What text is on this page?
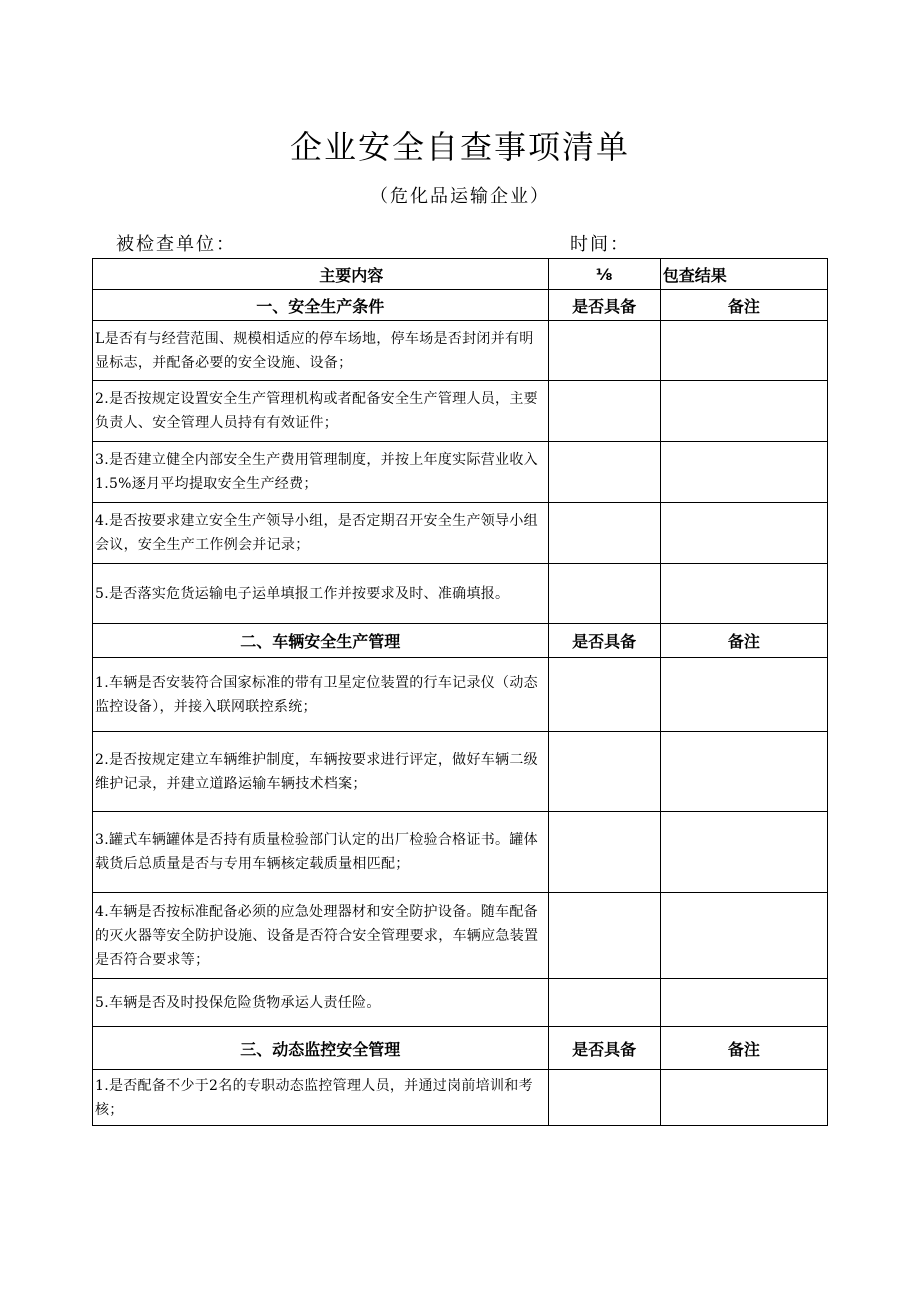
企业安全自查事项清单
（危化品运输企业）
被检查单位：	时间：
主要内容	⅛	包查结果
一、安全生产条件	是否具备	备注
L是否有与经营范围、规模相适应的停车场地，停车场是否封闭并有明显标志，并配备必要的安全设施、设备；		
2.是否按规定设置安全生产管理机构或者配备安全生产管理人员，主要负责人、安全管理人员持有有效证件；		
3.是否建立健全内部安全生产费用管理制度，并按上年度实际营业收入1.5%逐月平均提取安全生产经费；		
4.是否按要求建立安全生产领导小组，是否定期召开安全生产领导小组会议，安全生产工作例会并记录；		
5.是否落实危货运输电子运单填报工作并按要求及时、准确填报。		
二、车辆安全生产管理	是否具备	备注
1.车辆是否安装符合国家标准的带有卫星定位装置的行车记录仪（动态监控设备），并接入联网联控系统；		
2.是否按规定建立车辆维护制度，车辆按要求进行评定，做好车辆二级维护记录，并建立道路运输车辆技术档案；		
3.罐式车辆罐体是否持有质量检验部门认定的出厂检验合格证书。罐体载货后总质量是否与专用车辆核定载质量相匹配；		
4.车辆是否按标准配备必须的应急处理器材和安全防护设备。随车配备的灭火器等安全防护设施、设备是否符合安全管理要求，车辆应急装置是否符合要求等；		
5.车辆是否及时投保危险货物承运人责任险。		
三、动态监控安全管理	是否具备	备注
1.是否配备不少于2名的专职动态监控管理人员，并通过岗前培训和考核；		
